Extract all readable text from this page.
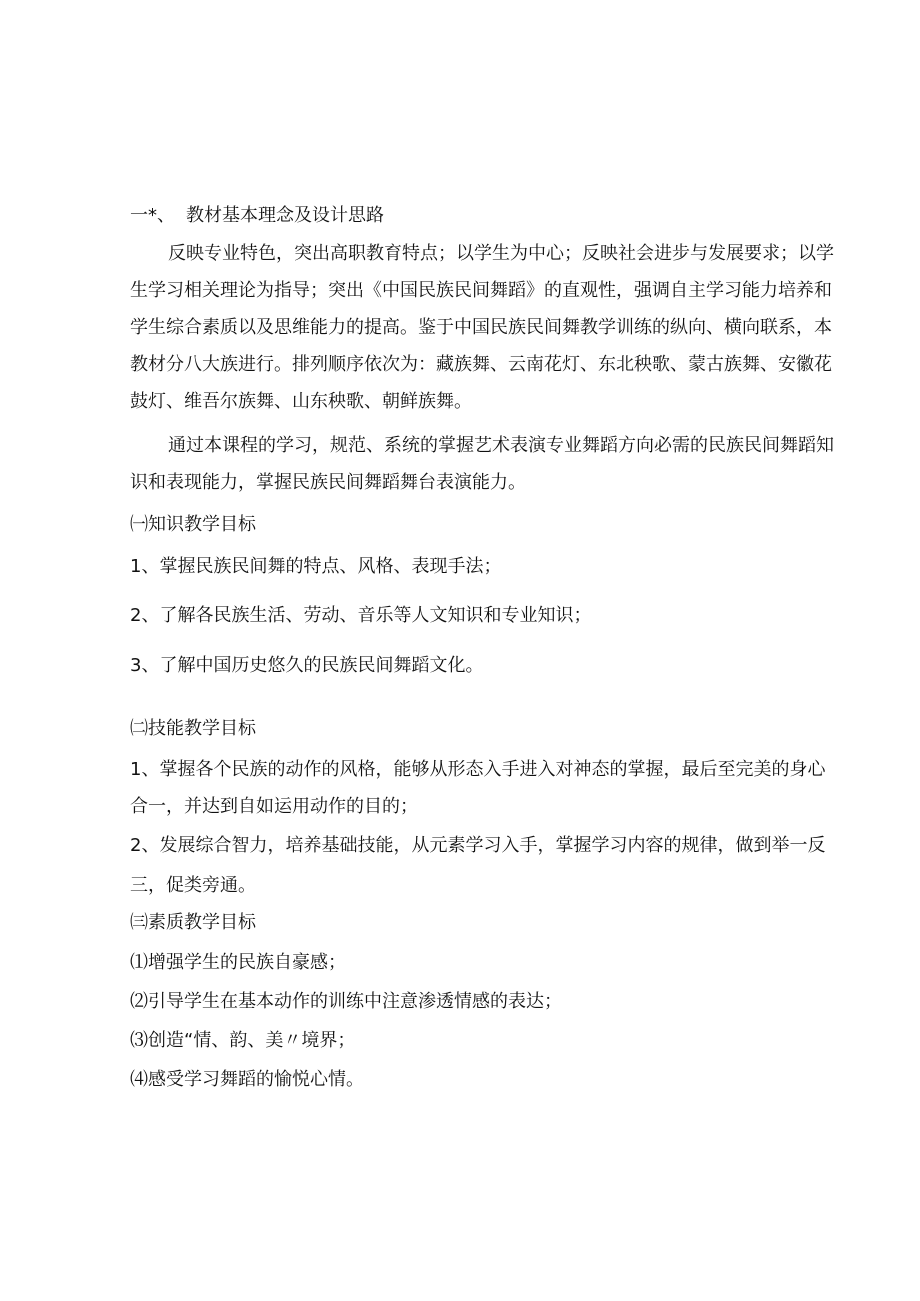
一*、 教材基本理念及设计思路
反映专业特色，突出高职教育特点；以学生为中心；反映社会进步与发展要求；以学
生学习相关理论为指导；突出《中国民族民间舞蹈》的直观性，强调自主学习能力培养和
学生综合素质以及思维能力的提高。鉴于中国民族民间舞教学训练的纵向、横向联系，本
教材分八大族进行。排列顺序依次为：藏族舞、云南花灯、东北秧歌、蒙古族舞、安徽花
鼓灯、维吾尔族舞、山东秧歌、朝鲜族舞。
通过本课程的学习，规范、系统的掌握艺术表演专业舞蹈方向必需的民族民间舞蹈知
识和表现能力，掌握民族民间舞蹈舞台表演能力。
㈠知识教学目标
1、掌握民族民间舞的特点、风格、表现手法；
2、了解各民族生活、劳动、音乐等人文知识和专业知识；
3、了解中国历史悠久的民族民间舞蹈文化。
㈡技能教学目标
1、掌握各个民族的动作的风格，能够从形态入手进入对神态的掌握，最后至完美的身心
合一，并达到自如运用动作的目的；
2、发展综合智力，培养基础技能，从元素学习入手，掌握学习内容的规律，做到举一反
三，促类旁通。
㈢素质教学目标
⑴增强学生的民族自豪感；
⑵引导学生在基本动作的训练中注意渗透情感的表达；
⑶创造“情、韵、美〃境界；
⑷感受学习舞蹈的愉悦心情。
